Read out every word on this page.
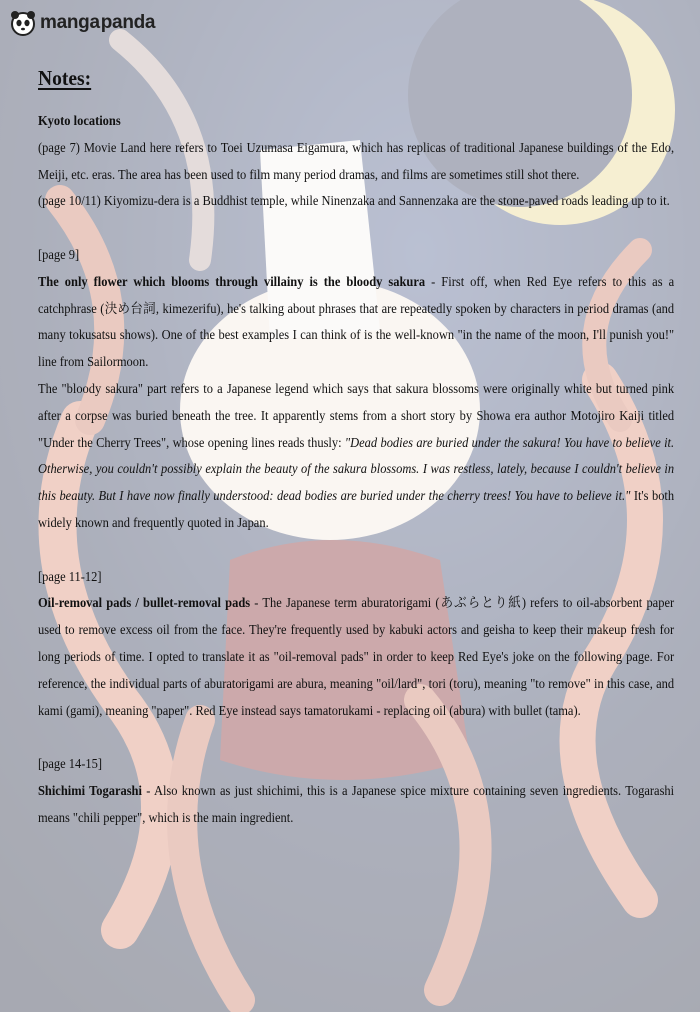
manga panda
Notes:

Kyoto locations

(page 7) Movie Land here refers to Toei Uzumasa Eigamura, which has replicas of traditional Japanese buildings of the Edo, Meiji, etc. eras. The area has been used to film many period dramas, and films are sometimes still shot there.

(page 10/11) Kiyomizu-dera is a Buddhist temple, while Ninenzaka and Sannenzaka are the stone-paved roads leading up to it.

[page 9]

The only flower which blooms through villainy is the bloody sakura - First off, when Red Eye refers to this as a catchphrase (決め台詞, kimezerifu), he's talking about phrases that are repeatedly spoken by characters in period dramas (and many tokusatsu shows). One of the best examples I can think of is the well-known "in the name of the moon, I'll punish you!" line from Sailormoon.

The "bloody sakura" part refers to a Japanese legend which says that sakura blossoms were originally white but turned pink after a corpse was buried beneath the tree. It apparently stems from a short story by Showa era author Motojiro Kaiji titled "Under the Cherry Trees", whose opening lines reads thusly: "Dead bodies are buried under the sakura! You have to believe it. Otherwise, you couldn't possibly explain the beauty of the sakura blossoms. I was restless, lately, because I couldn't believe in this beauty. But I have now finally understood: dead bodies are buried under the cherry trees! You have to believe it." It's both widely known and frequently quoted in Japan.

[page 11-12]

Oil-removal pads / bullet-removal pads - The Japanese term aburatorigami (あぶらとり紙) refers to oil-absorbent paper used to remove excess oil from the face. They're frequently used by kabuki actors and geisha to keep their makeup fresh for long periods of time. I opted to translate it as "oil-removal pads" in order to keep Red Eye's joke on the following page. For reference, the individual parts of aburatorigami are abura, meaning "oil/lard", tori (toru), meaning "to remove" in this case, and kami (gami), meaning "paper". Red Eye instead says tamatorukami - replacing oil (abura) with bullet (tama).

[page 14-15]

Shichimi Togarashi - Also known as just shichimi, this is a Japanese spice mixture containing seven ingredients. Togarashi means "chili pepper", which is the main ingredient.
